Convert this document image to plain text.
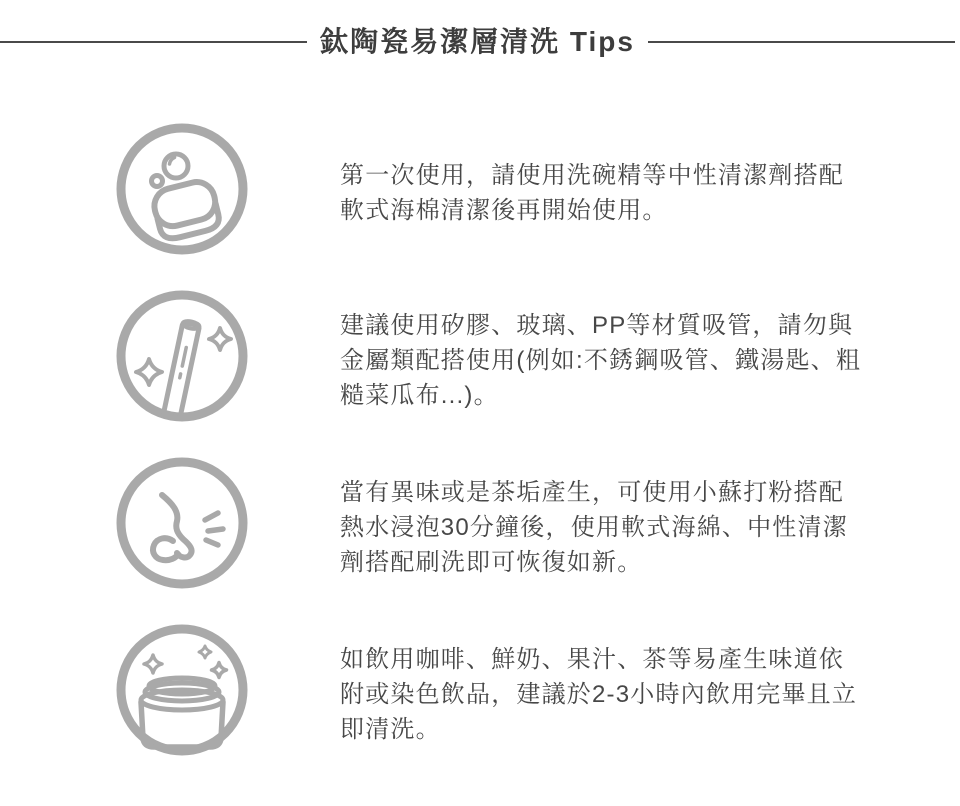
鈦陶瓷易潔層清洗 Tips
第一次使用，請使用洗碗精等中性清潔劑搭配軟式海棉清潔後再開始使用。
建議使用矽膠、玻璃、PP等材質吸管，請勿與金屬類配搭使用(例如:不銹鋼吸管、鐵湯匙、粗糙菜瓜布...)。
當有異味或是茶垢產生，可使用小蘇打粉搭配熱水浸泡30分鐘後，使用軟式海綿、中性清潔劑搭配刷洗即可恢復如新。
如飲用咖啡、鮮奶、果汁、茶等易產生味道依附或染色飲品，建議於2-3小時內飲用完畢且立即清洗。
